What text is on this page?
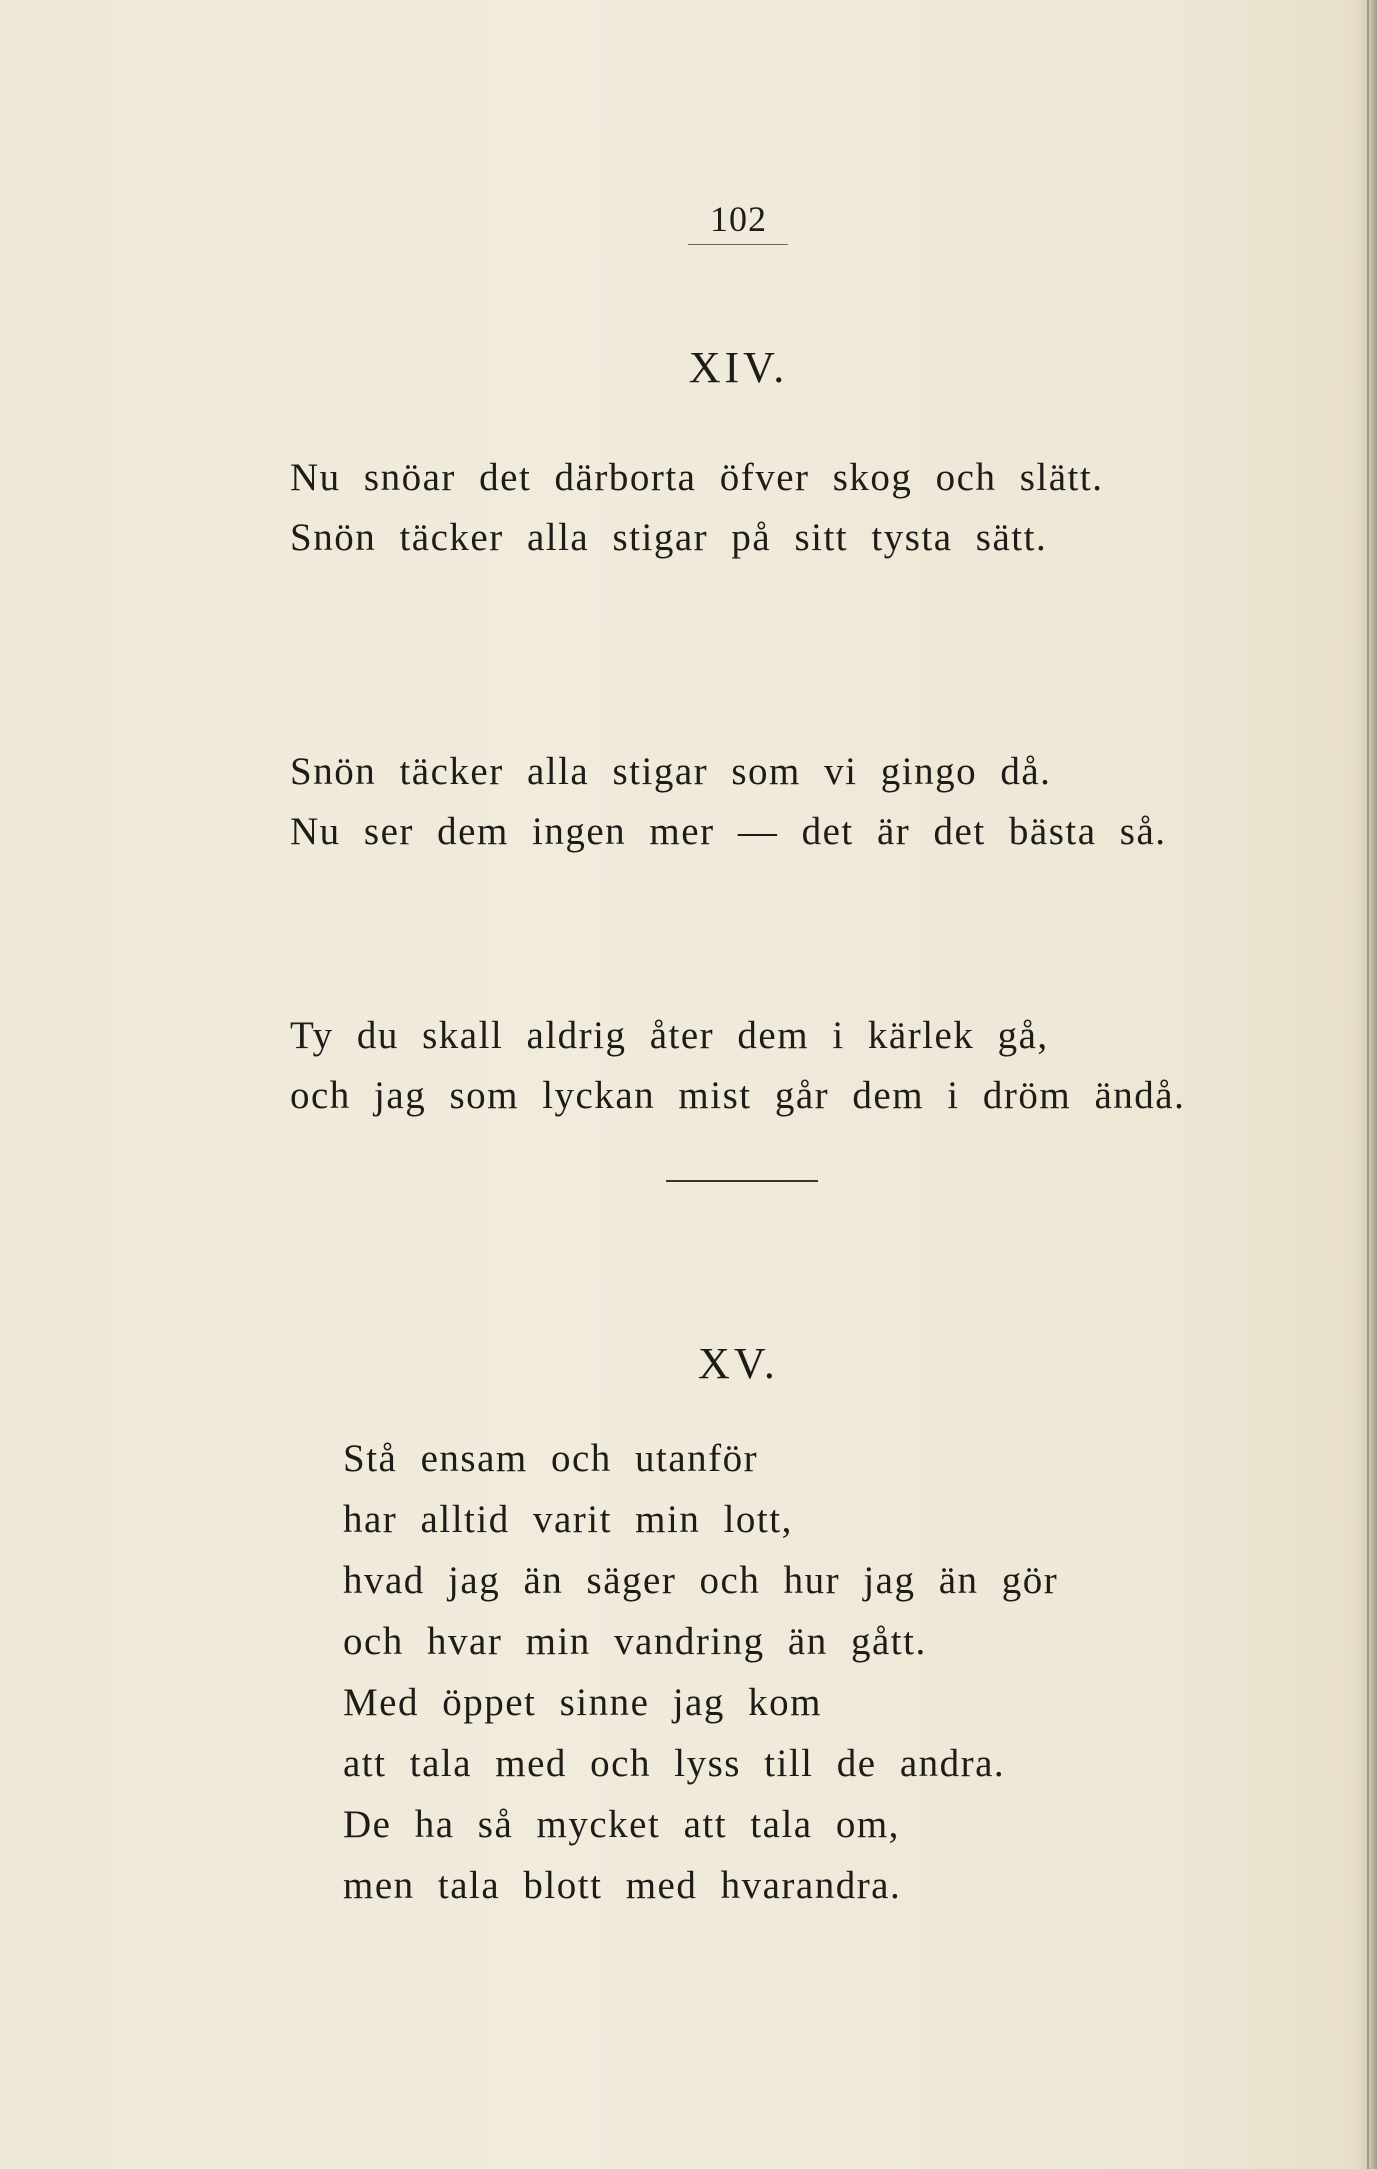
102
XIV.
Nu snöar det därborta öfver skog och slätt.
Snön täcker alla stigar på sitt tysta sätt.
Snön täcker alla stigar som vi gingo då.
Nu ser dem ingen mer — det är det bästa så.
Ty du skall aldrig åter dem i kärlek gå,
och jag som lyckan mist går dem i dröm ändå.
XV.
Stå ensam och utanför
har alltid varit min lott,
hvad jag än säger och hur jag än gör
och hvar min vandring än gått.
Med öppet sinne jag kom
att tala med och lyss till de andra.
De ha så mycket att tala om,
men tala blott med hvarandra.
